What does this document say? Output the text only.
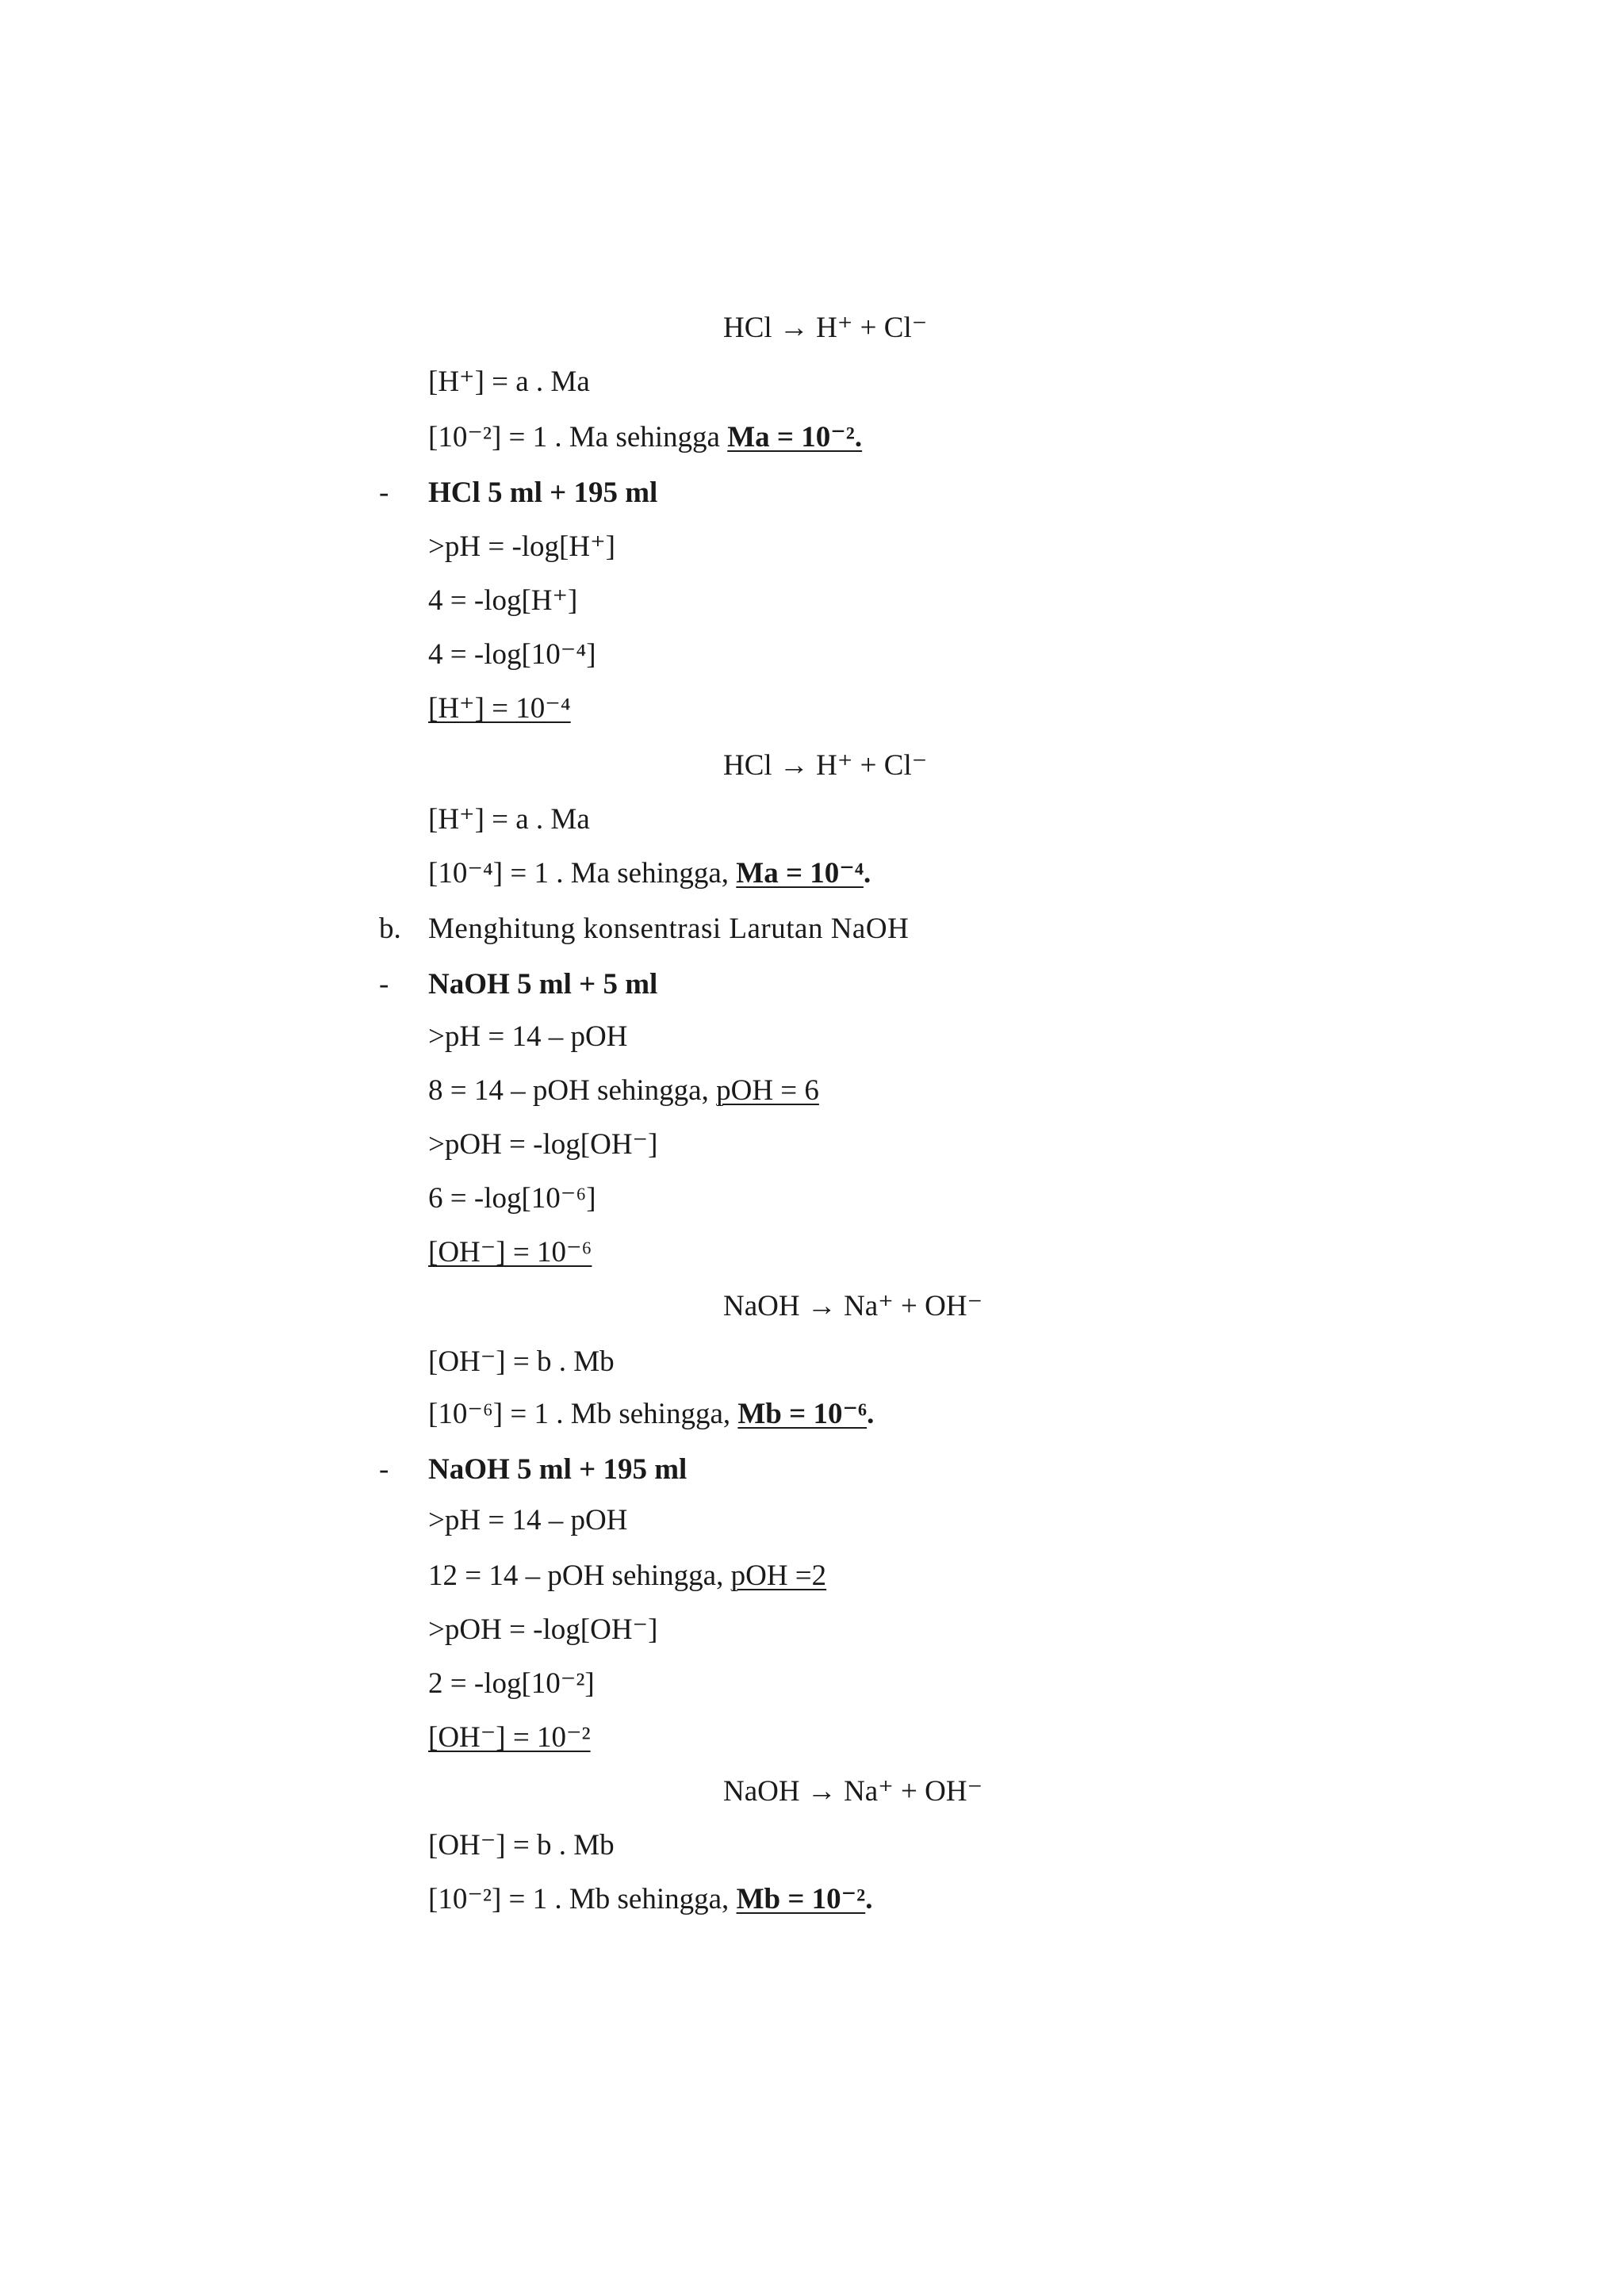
HCl → H⁺ + Cl⁻
[H⁺] = a . Ma
[10⁻²] = 1 . Ma sehingga Ma = 10⁻².
- HCl 5 ml + 195 ml
>pH = -log[H⁺]
4 = -log[H⁺]
4 = -log[10⁻⁴]
[H⁺] = 10⁻⁴
HCl → H⁺ + Cl⁻
[H⁺] = a . Ma
[10⁻⁴] = 1 . Ma sehingga, Ma = 10⁻⁴.
b. Menghitung konsentrasi Larutan NaOH
- NaOH 5 ml + 5 ml
>pH = 14 – pOH
8 = 14 – pOH sehingga, pOH = 6
>pOH = -log[OH⁻]
6 = -log[10⁻⁶]
[OH⁻] = 10⁻⁶
NaOH → Na⁺ + OH⁻
[OH⁻] = b . Mb
[10⁻⁶] = 1 . Mb sehingga, Mb = 10⁻⁶.
- NaOH 5 ml + 195 ml
>pH = 14 – pOH
12 = 14 – pOH sehingga, pOH =2
>pOH = -log[OH⁻]
2 = -log[10⁻²]
[OH⁻] = 10⁻²
NaOH → Na⁺ + OH⁻
[OH⁻] = b . Mb
[10⁻²] = 1 . Mb sehingga, Mb = 10⁻².
